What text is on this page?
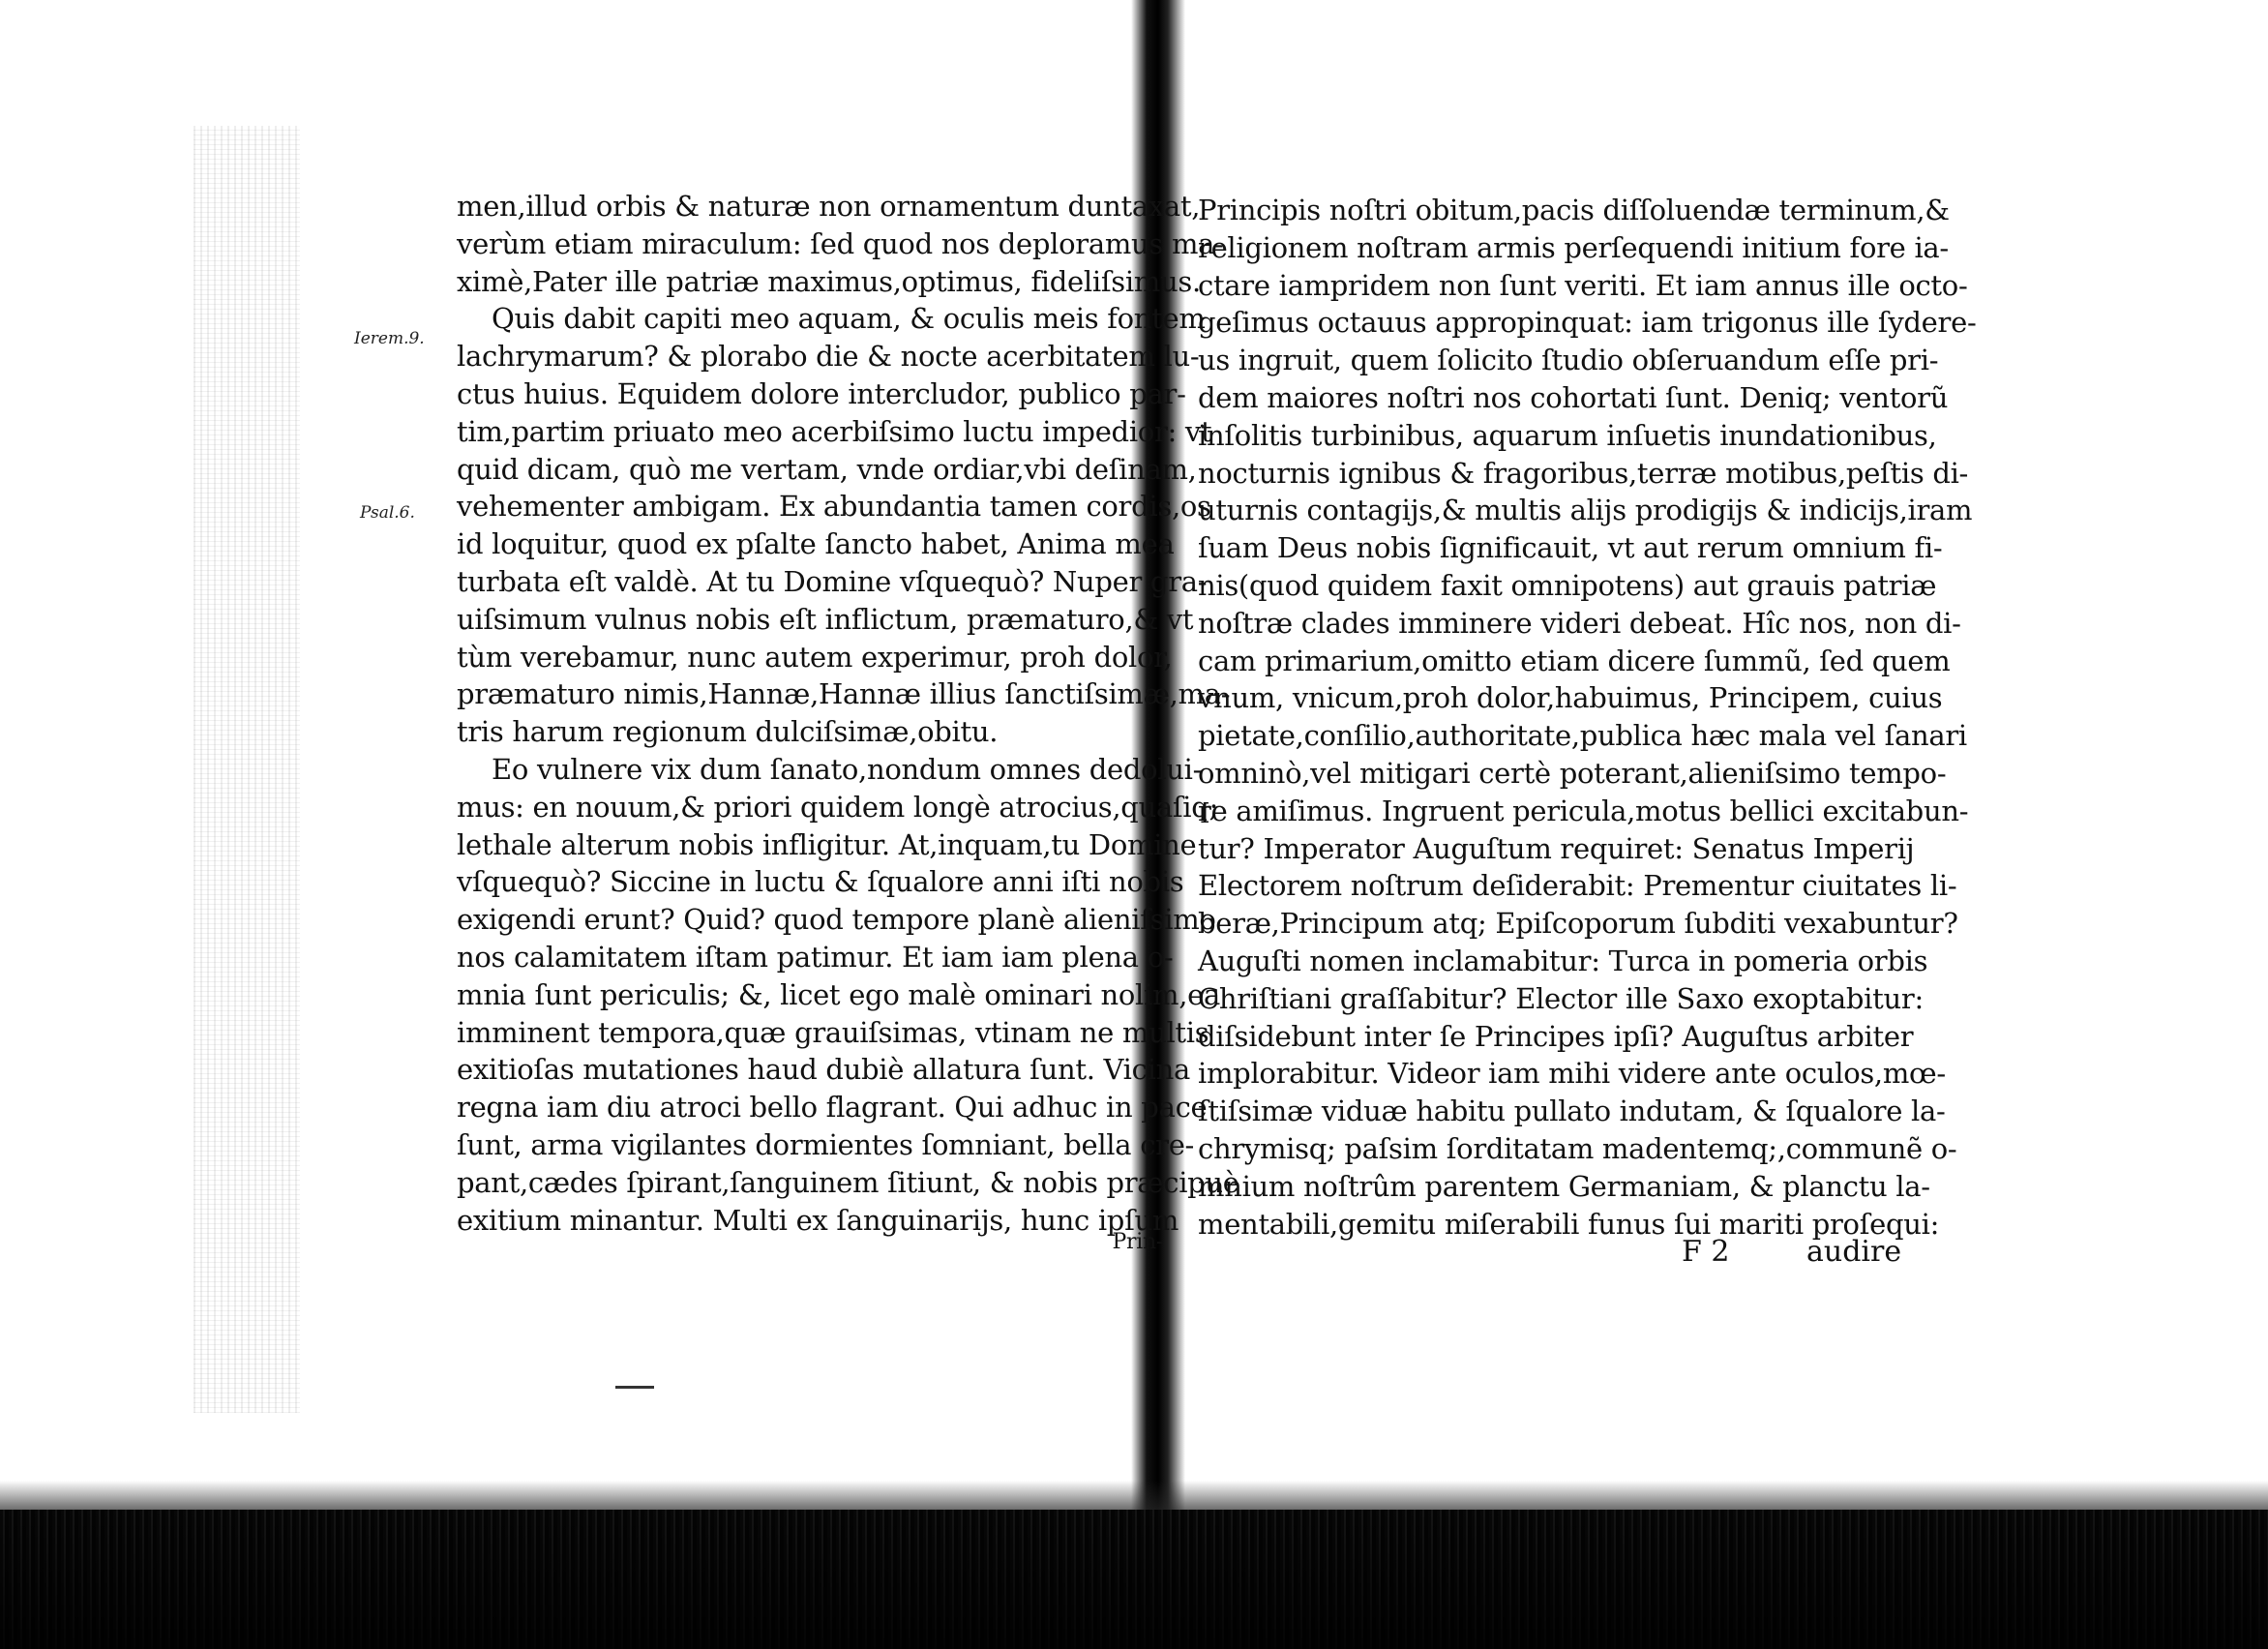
Ierem.9.
Psal.6.
men,illud orbis & naturæ non ornamentum duntaxat,
verùm etiam miraculum: ſed quod nos deploramus ma-
ximè,Pater ille patriæ maximus,optimus, fideliſsimus.
Quis dabit capiti meo aquam, & oculis meis fontem
lachrymarum? & plorabo die & nocte acerbitatem lu-
ctus huius. Equidem dolore intercludor, publico par-
tim,partim priuato meo acerbiſsimo luctu impedior: vt
quid dicam, quò me vertam, vnde ordiar,vbi deſinam,
vehementer ambigam. Ex abundantia tamen cordis,os
id loquitur, quod ex pſalte ſancto habet, Anima mea
turbata eſt valdè. At tu Domine vſquequò? Nuper gra-
uiſsimum vulnus nobis eſt inflictum, præmaturo,& vt
tùm verebamur, nunc autem experimur, proh dolor,
præmaturo nimis,Hannæ,Hannæ illius ſanctiſsimæ,ma-
tris harum regionum dulciſsimæ,obitu.
Eo vulnere vix dum ſanato,nondum omnes dedolui-
mus: en nouum,& priori quidem longè atrocius,quaſiq;
lethale alterum nobis infligitur. At,inquam,tu Domine
vſquequò? Siccine in luctu & ſqualore anni iſti nobis
exigendi erunt? Quid? quod tempore planè alieniſsimo
nos calamitatem iſtam patimur. Et iam iam plena o-
mnia ſunt periculis; &, licet ego malè ominari nolim,ea
imminent tempora,quæ grauiſsimas, vtinam ne multis
exitioſas mutationes haud dubiè allatura ſunt. Vicina
regna iam diu atroci bello flagrant. Qui adhuc in pace
ſunt, arma vigilantes dormientes ſomniant, bella cre-
pant,cædes ſpirant,ſanguinem ſitiunt, & nobis præcipuè
exitium minantur. Multi ex ſanguinarijs, hunc ipſum
Prin-
Principis noſtri obitum,pacis diſſoluendæ terminum,&
religionem noſtram armis perſequendi initium fore ia-
ctare iampridem non ſunt veriti. Et iam annus ille octo-
geſimus octauus appropinquat: iam trigonus ille ſydere-
us ingruit, quem ſolicito ſtudio obſeruandum eſſe pri-
dem maiores noſtri nos cohortati ſunt. Deniq; ventorũ
inſolitis turbinibus, aquarum inſuetis inundationibus,
nocturnis ignibus & fragoribus,terræ motibus,peſtis di-
uturnis contagijs,& multis alijs prodigijs & indicijs,iram
ſuam Deus nobis ſignificauit, vt aut rerum omnium fi-
nis(quod quidem faxit omnipotens) aut grauis patriæ
noſtræ clades imminere videri debeat. Hîc nos, non di-
cam primarium,omitto etiam dicere ſummũ, ſed quem
vnum, vnicum,proh dolor,habuimus, Principem, cuius
pietate,conſilio,authoritate,publica hæc mala vel ſanari
omninò,vel mitigari certè poterant,alieniſsimo tempo-
re amiſimus. Ingruent pericula,motus bellici excitabun-
tur? Imperator Auguſtum requiret: Senatus Imperij
Electorem noſtrum deſiderabit: Prementur ciuitates li-
beræ,Principum atq; Epiſcoporum ſubditi vexabuntur?
Auguſti nomen inclamabitur: Turca in pomeria orbis
Chriſtiani graſſabitur? Elector ille Saxo exoptabitur:
diſsidebunt inter ſe Principes ipſi? Auguſtus arbiter
implorabitur. Videor iam mihi videre ante oculos,mœ-
ſtiſsimæ viduæ habitu pullato indutam, & ſqualore la-
chrymisq; paſsim ſorditatam madentemq;,communẽ o-
mnium noſtrûm parentem Germaniam, & planctu la-
mentabili,gemitu miſerabili funus ſui mariti proſequi:
F 2	audire
